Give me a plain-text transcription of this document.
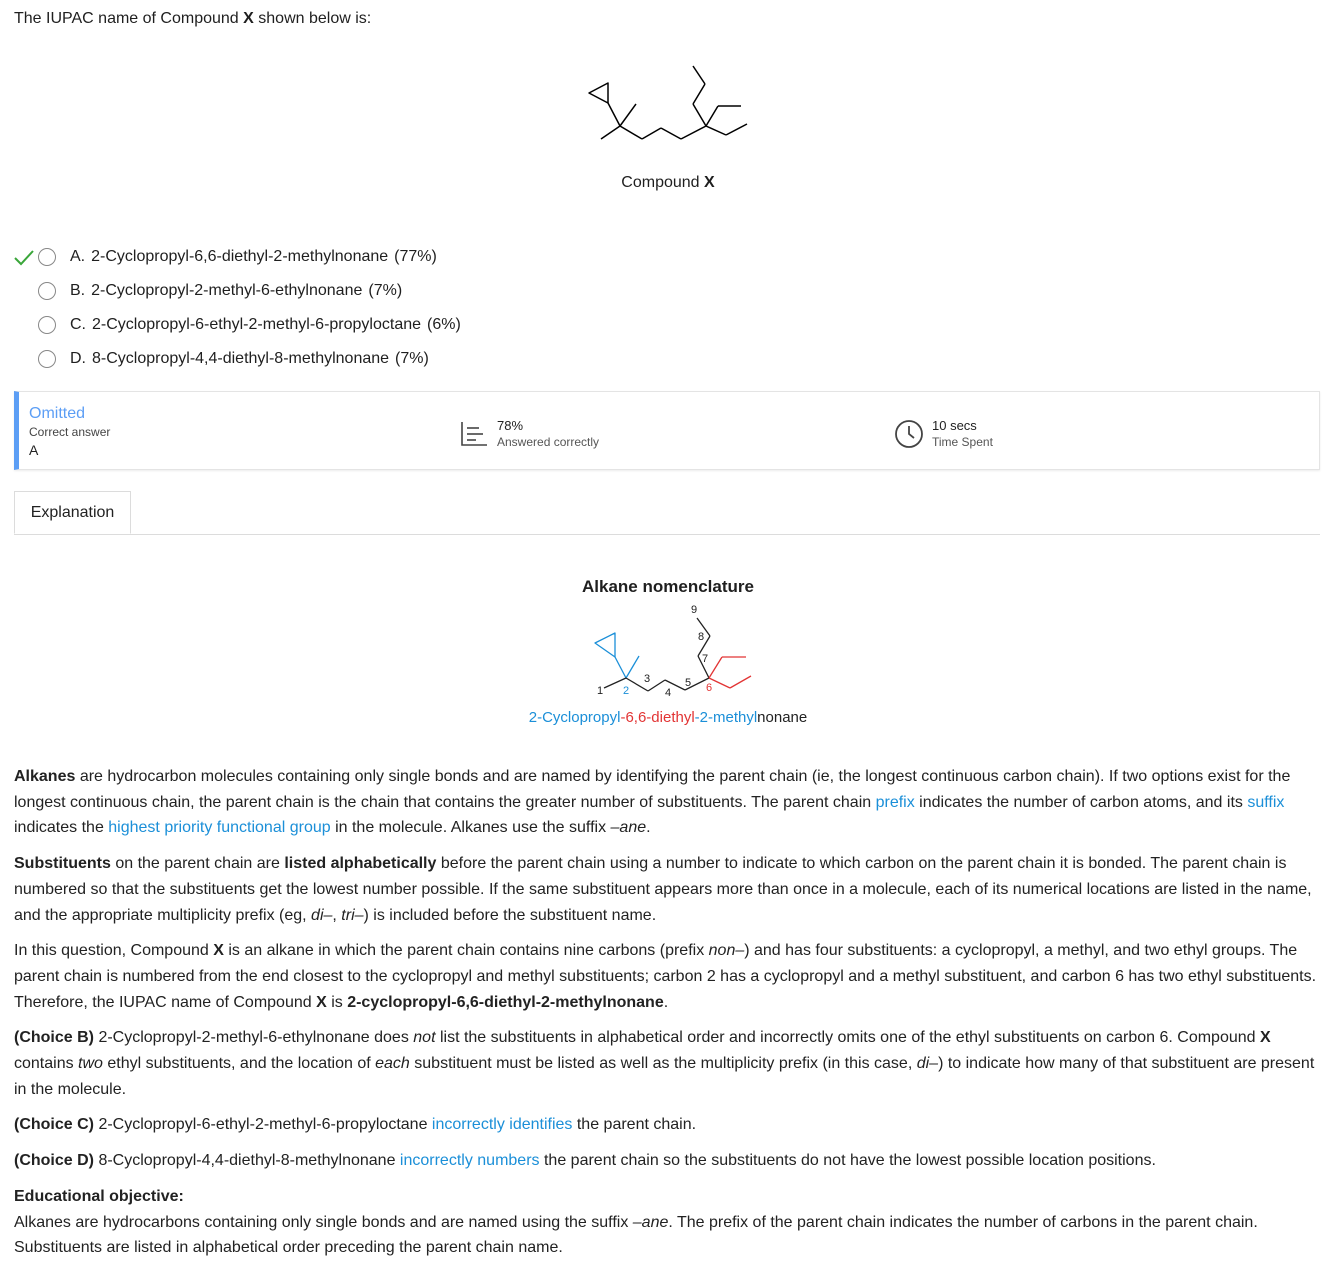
The IUPAC name of Compound X shown below is:
Compound X
A. 2-Cyclopropyl-6,6-diethyl-2-methylnonane (77%)
B. 2-Cyclopropyl-2-methyl-6-ethylnonane (7%)
C. 2-Cyclopropyl-6-ethyl-2-methyl-6-propyloctane (6%)
D. 8-Cyclopropyl-4,4-diethyl-8-methylnonane (7%)
Omitted
Correct answer
A
78%
Answered correctly
10 secs
Time Spent
Explanation
Alkane nomenclature
1 2
3
4
5 6
7
8
9
2-Cyclopropyl-6,6-diethyl-2-methylnonane

Alkanes are hydrocarbon molecules containing only single bonds and are named by identifying the parent chain (ie, the longest continuous carbon chain). If two options exist for the longest continuous chain, the parent chain is the chain that contains the greater number of substituents. The parent chain prefix indicates the number of carbon atoms, and its suffix indicates the highest priority functional group in the molecule. Alkanes use the suffix –ane.

Substituents on the parent chain are listed alphabetically before the parent chain using a number to indicate to which carbon on the parent chain it is bonded. The parent chain is numbered so that the substituents get the lowest number possible. If the same substituent appears more than once in a molecule, each of its numerical locations are listed in the name, and the appropriate multiplicity prefix (eg, di–, tri–) is included before the substituent name.

In this question, Compound X is an alkane in which the parent chain contains nine carbons (prefix non–) and has four substituents: a cyclopropyl, a methyl, and two ethyl groups. The parent chain is numbered from the end closest to the cyclopropyl and methyl substituents; carbon 2 has a cyclopropyl and a methyl substituent, and carbon 6 has two ethyl substituents. Therefore, the IUPAC name of Compound X is 2-cyclopropyl-6,6-diethyl-2-methylnonane.

(Choice B) 2-Cyclopropyl-2-methyl-6-ethylnonane does not list the substituents in alphabetical order and incorrectly omits one of the ethyl substituents on carbon 6. Compound X contains two ethyl substituents, and the location of each substituent must be listed as well as the multiplicity prefix (in this case, di–) to indicate how many of that substituent are present in the molecule.

(Choice C) 2-Cyclopropyl-6-ethyl-2-methyl-6-propyloctane incorrectly identifies the parent chain.

(Choice D) 8-Cyclopropyl-4,4-diethyl-8-methylnonane incorrectly numbers the parent chain so the substituents do not have the lowest possible location positions.

Educational objective:

Alkanes are hydrocarbons containing only single bonds and are named using the suffix –ane. The prefix of the parent chain indicates the number of carbons in the parent chain. Substituents are listed in alphabetical order preceding the parent chain name.
